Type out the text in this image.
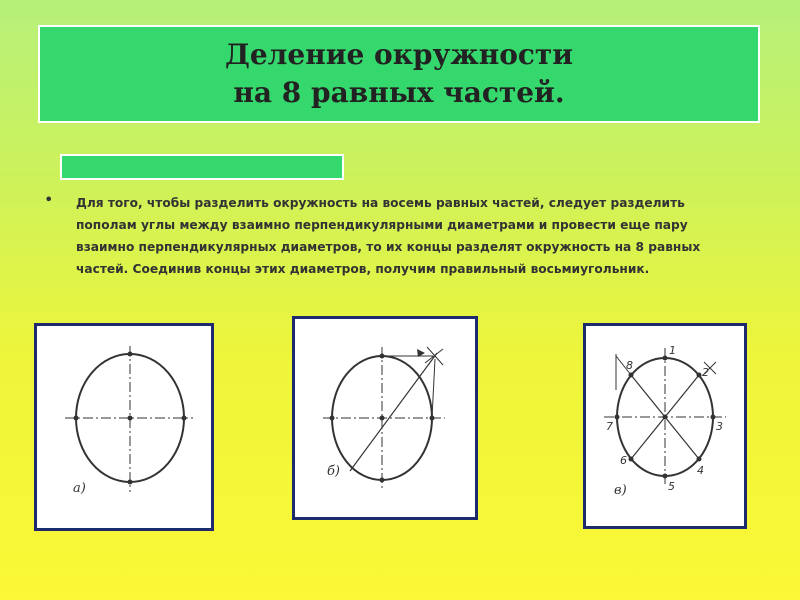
Деление окружности
на 8 равных частей.
• Для того, чтобы разделить окружность на восемь равных частей, следует разделить пополам углы между взаимно перпендикулярными диаметрами и провести еще пару взаимно перпендикулярных диаметров, то их концы разделят окружность на 8 равных частей. Соединив концы этих диаметров, получим правильный восьмиугольник.

а)
б)
1
2
3
4
5
6
7
8
в)
